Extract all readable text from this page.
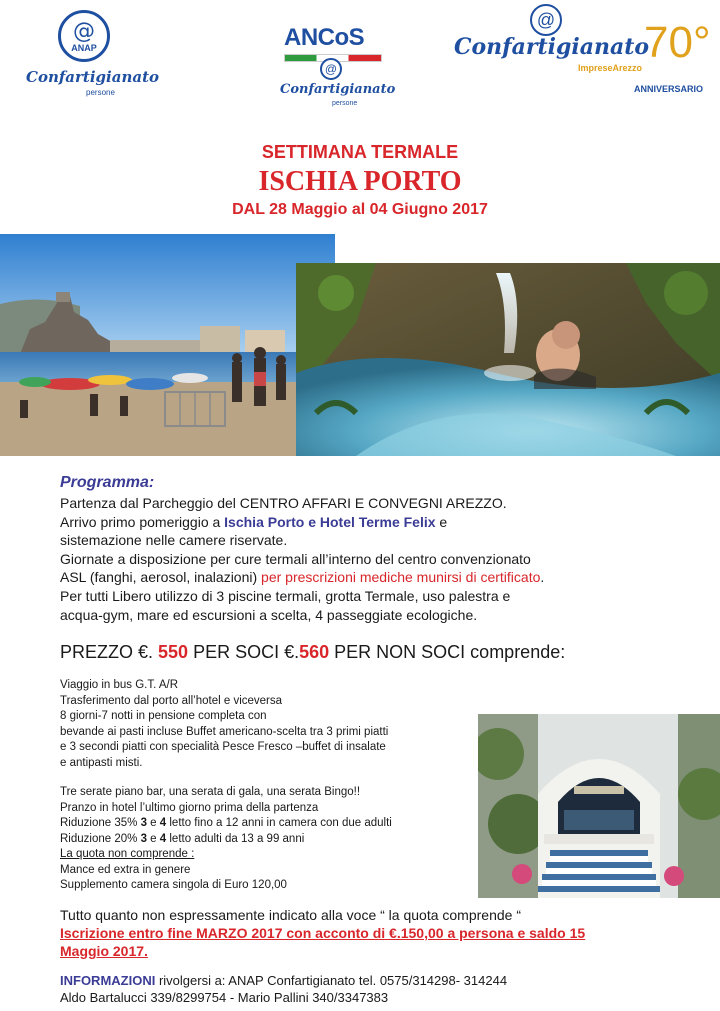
@
ANAP
Confartigianato
persone
ANCoS
@
Confartigianato
persone
@
Confartigianato
ImpreseArezzo
70°
ANNIVERSARIO
SETTIMANA TERMALE
ISCHIA PORTO
DAL 28 Maggio al 04 Giugno 2017
Programma:

Partenza dal Parcheggio del CENTRO AFFARI E CONVEGNI AREZZO.

Arrivo primo pomeriggio a Ischia Porto e Hotel Terme Felix e

sistemazione nelle camere riservate.

Giornate a disposizione per cure termali all’interno del centro convenzionato

ASL (fanghi, aerosol, inalazioni) per prescrizioni mediche munirsi di certificato.

Per tutti Libero utilizzo di 3 piscine termali, grotta Termale, uso palestra e

acqua-gym, mare ed escursioni a scelta, 4 passeggiate ecologiche.

PREZZO €. 550 PER SOCI €.560 PER NON SOCI comprende:

Viaggio in bus G.T. A/R

Trasferimento dal porto all’hotel e viceversa

8 giorni-7 notti in pensione completa con

bevande ai pasti incluse Buffet americano-scelta tra 3 primi piatti

e 3 secondi piatti con specialità Pesce Fresco –buffet di insalate

e antipasti misti.

Tre serate piano bar, una serata di gala, una serata Bingo!!

Pranzo in hotel l’ultimo giorno prima della partenza

Riduzione 35% 3 e 4 letto fino a 12 anni in camera con due adulti

Riduzione 20% 3 e 4 letto adulti da 13 a 99 anni

La quota non comprende :

Mance ed extra in genere

Supplemento camera singola di Euro 120,00

Tutto quanto non espressamente indicato alla voce “ la quota comprende “
Iscrizione entro fine MARZO 2017 con acconto di €.150,00 a persona e saldo 15 Maggio 2017.
INFORMAZIONI rivolgersi a: ANAP Confartigianato tel. 0575/314298- 314244
Aldo Bartalucci 339/8299754 - Mario Pallini 340/3347383
